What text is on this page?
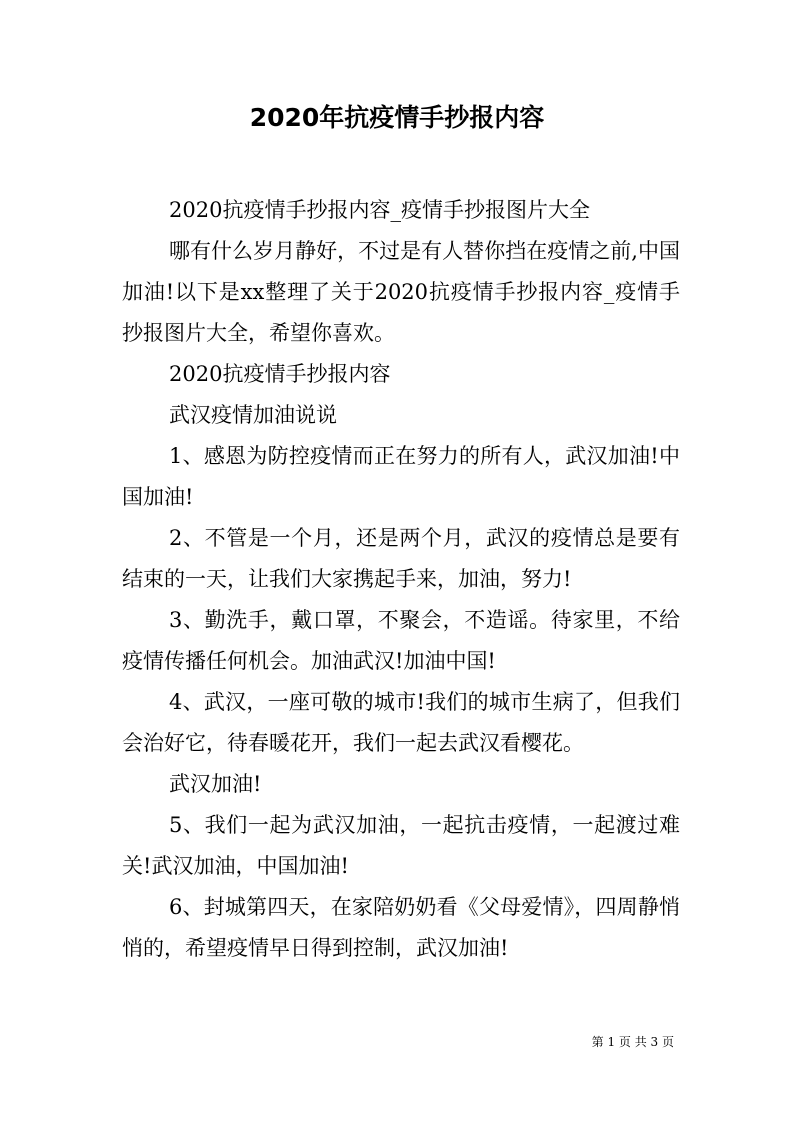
2020年抗疫情手抄报内容

2020抗疫情手抄报内容_疫情手抄报图片大全

哪有什么岁月静好，不过是有人替你挡在疫情之前,中国加油!以下是xx整理了关于2020抗疫情手抄报内容_疫情手抄报图片大全，希望你喜欢。

2020抗疫情手抄报内容

武汉疫情加油说说

1、感恩为防控疫情而正在努力的所有人，武汉加油!中国加油!

2、不管是一个月，还是两个月，武汉的疫情总是要有结束的一天，让我们大家携起手来，加油，努力!

3、勤洗手，戴口罩，不聚会，不造谣。待家里，不给疫情传播任何机会。加油武汉!加油中国!

4、武汉，一座可敬的城市!我们的城市生病了，但我们会治好它，待春暖花开，我们一起去武汉看樱花。

武汉加油!

5、我们一起为武汉加油，一起抗击疫情，一起渡过难关!武汉加油，中国加油!

6、封城第四天，在家陪奶奶看《父母爱情》，四周静悄悄的，希望疫情早日得到控制，武汉加油!

第 1 页 共 3 页
